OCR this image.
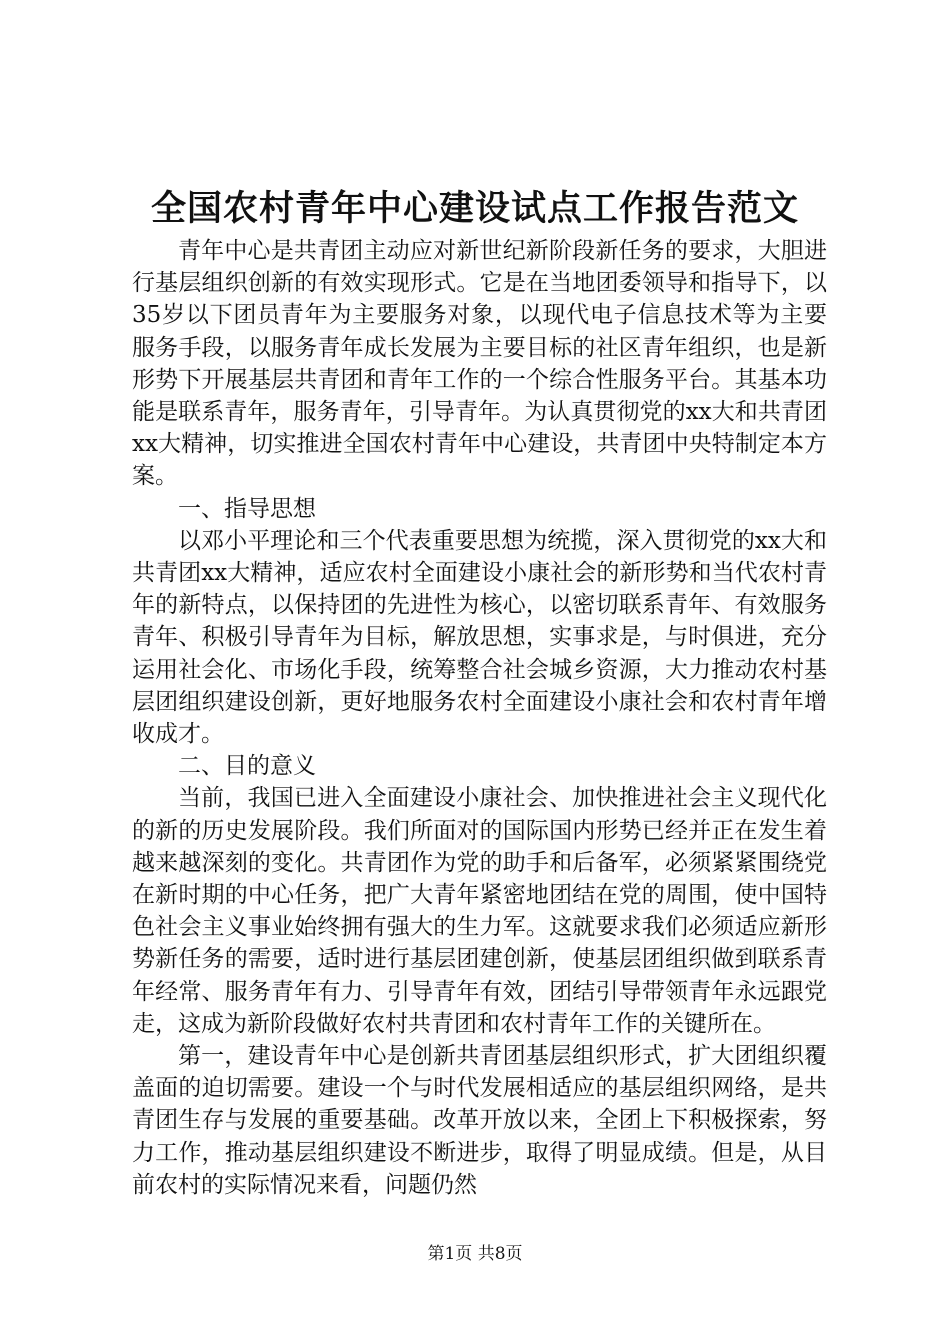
全国农村青年中心建设试点工作报告范文

青年中心是共青团主动应对新世纪新阶段新任务的要求，大胆进行基层组织创新的有效实现形式。它是在当地团委领导和指导下，以35岁以下团员青年为主要服务对象，以现代电子信息技术等为主要服务手段，以服务青年成长发展为主要目标的社区青年组织，也是新形势下开展基层共青团和青年工作的一个综合性服务平台。其基本功能是联系青年，服务青年，引导青年。为认真贯彻党的xx大和共青团xx大精神，切实推进全国农村青年中心建设，共青团中央特制定本方案。

一、指导思想

以邓小平理论和三个代表重要思想为统揽，深入贯彻党的xx大和共青团xx大精神，适应农村全面建设小康社会的新形势和当代农村青年的新特点，以保持团的先进性为核心，以密切联系青年、有效服务青年、积极引导青年为目标，解放思想，实事求是，与时俱进，充分运用社会化、市场化手段，统筹整合社会城乡资源，大力推动农村基层团组织建设创新，更好地服务农村全面建设小康社会和农村青年增收成才。

二、目的意义

当前，我国已进入全面建设小康社会、加快推进社会主义现代化的新的历史发展阶段。我们所面对的国际国内形势已经并正在发生着越来越深刻的变化。共青团作为党的助手和后备军，必须紧紧围绕党在新时期的中心任务，把广大青年紧密地团结在党的周围，使中国特色社会主义事业始终拥有强大的生力军。这就要求我们必须适应新形势新任务的需要，适时进行基层团建创新，使基层团组织做到联系青年经常、服务青年有力、引导青年有效，团结引导带领青年永远跟党走，这成为新阶段做好农村共青团和农村青年工作的关键所在。

第一，建设青年中心是创新共青团基层组织形式，扩大团组织覆盖面的迫切需要。建设一个与时代发展相适应的基层组织网络，是共青团生存与发展的重要基础。改革开放以来，全团上下积极探索，努力工作，推动基层组织建设不断进步，取得了明显成绩。但是，从目前农村的实际情况来看，问题仍然

第1页 共8页
